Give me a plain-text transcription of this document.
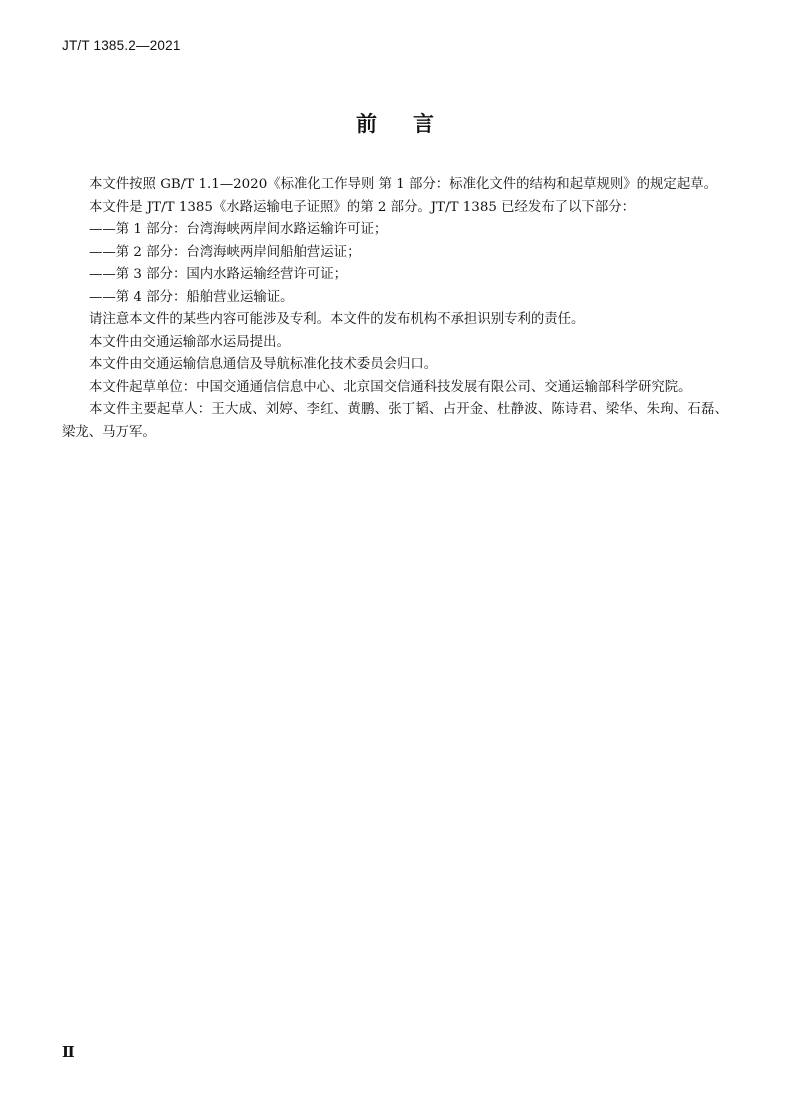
JT/T 1385.2—2021
前 言

本文件按照 GB/T 1.1—2020《标准化工作导则 第 1 部分：标准化文件的结构和起草规则》的规定起草。

本文件是 JT/T 1385《水路运输电子证照》的第 2 部分。JT/T 1385 已经发布了以下部分：

——第 1 部分：台湾海峡两岸间水路运输许可证；

——第 2 部分：台湾海峡两岸间船舶营运证；

——第 3 部分：国内水路运输经营许可证；

——第 4 部分：船舶营业运输证。

请注意本文件的某些内容可能涉及专利。本文件的发布机构不承担识别专利的责任。

本文件由交通运输部水运局提出。

本文件由交通运输信息通信及导航标准化技术委员会归口。

本文件起草单位：中国交通通信信息中心、北京国交信通科技发展有限公司、交通运输部科学研究院。

本文件主要起草人：王大成、刘婷、李红、黄鹏、张丁韬、占开金、杜静波、陈诗君、梁华、朱珣、石磊、梁龙、马万军。

Ⅱ
